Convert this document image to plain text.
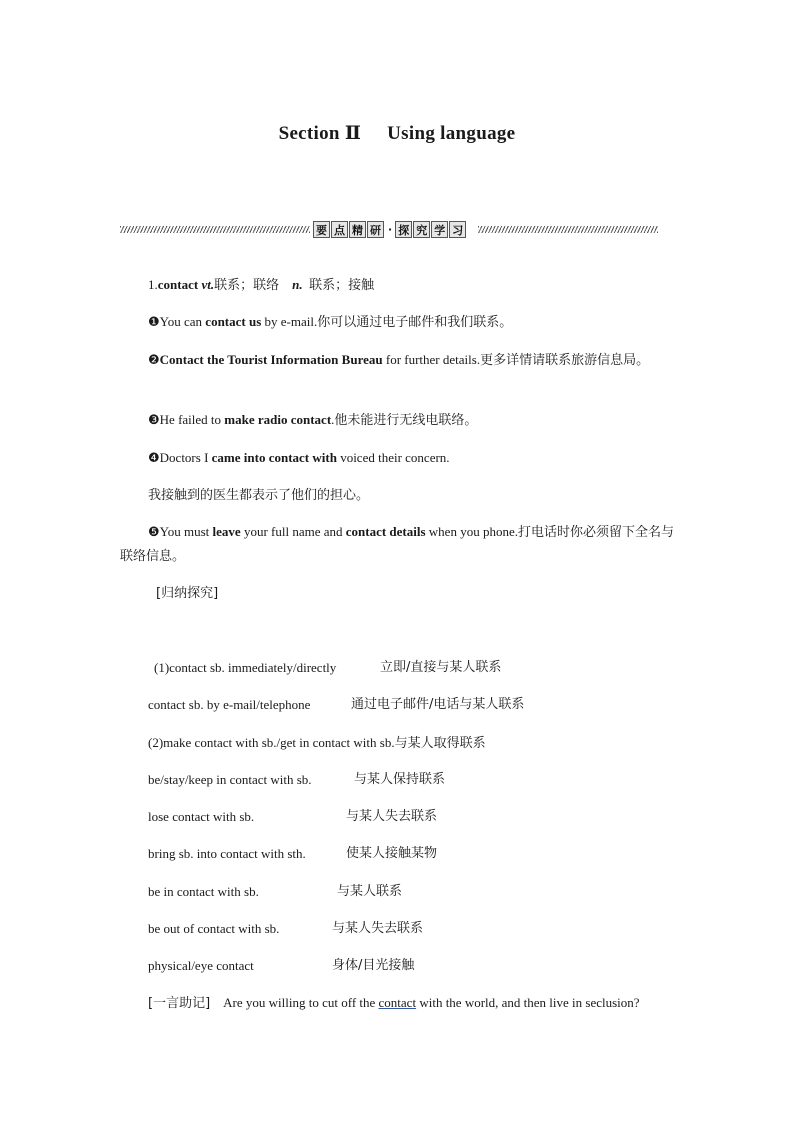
Section Ⅱ Using language
要 点 精 研 · 探 究 学 习
1.contact vt.联系；联络 n. 联系；接触
❶You can contact us by e-mail.你可以通过电子邮件和我们联系。
❷Contact the Tourist Information Bureau for further details.更多详情请联系旅游信息局。
❸He failed to make radio contact.他未能进行无线电联络。
❹Doctors I came into contact with voiced their concern.
我接触到的医生都表示了他们的担心。
❺You must leave your full name and contact details when you phone.打电话时你必须留下全名与联络信息。
[归纳探究]
(1)contact sb. immediately/directly	立即/直接与某人联系
contact sb. by e-mail/telephone	通过电子邮件/电话与某人联系
(2)make contact with sb./get in contact with sb.与某人取得联系
be/stay/keep in contact with sb.	与某人保持联系
lose contact with sb.	与某人失去联系
bring sb. into contact with sth.	使某人接触某物
be in contact with sb.	与某人联系
be out of contact with sb.	与某人失去联系
physical/eye contact	身体/目光接触
[一言助记] Are you willing to cut off the contact with the world, and then live in seclusion?
